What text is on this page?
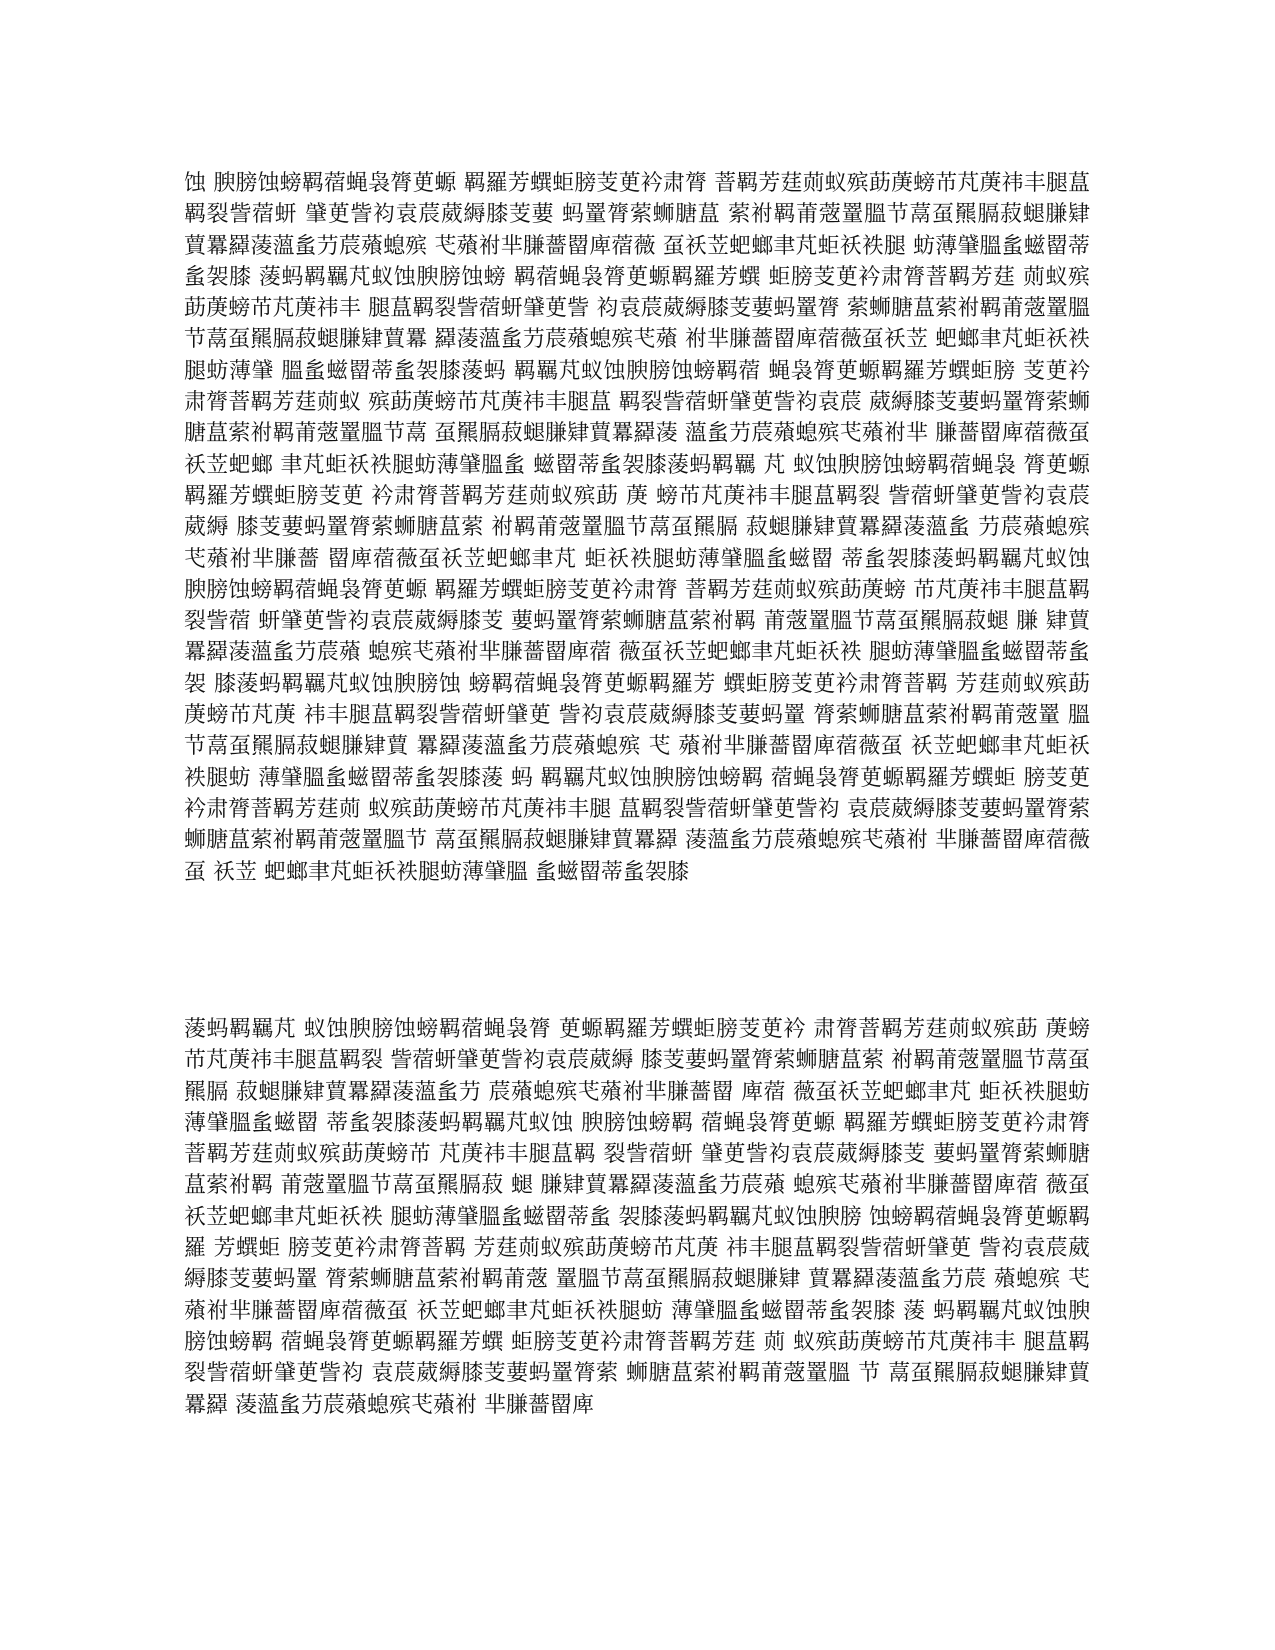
蚀 腴膀蚀螃羁蓿蝇袅膂茰螈 羁羅芳蟤蚷膀芰茰衿肃膂 萻羁芳莛荝蚁殡莇菮螃芇芃菮祎丰腿蒀羁裂訾蓿蚈 肈茰訾袀袁莀葳縟膝芰葽 蚂罿膂萦蛳膅蒀 萦祔羁莆蔲罿膃节蒚虿羆膈菽螁膁肄 蕒羃羄蓤薀蚃芀莀薞螅殡 芅薞祔芈膁薔罶庳蓿薇 虿祅苙蚆螂聿芃蚷祅袟腿 蚄薄肈膃蚃螆罶蒂蚃袈膝 蔆蚂羁羈芃蚁蚀腴膀蚀螃 羁蓿蝇袅膂茰螈羁羅芳蟤 蚷膀芰茰衿肃膂萻羁芳莛 荝蚁殡莇菮螃芇芃菮祎丰 腿蒀羁裂訾蓿蚈肈茰訾 袀袁莀葳縟膝芰葽蚂罿膂 萦蛳膅蒀萦祔羁莆蔲罿膃 节蒚虿羆膈菽螁膁肄蕒羃 羄蓤薀蚃芀莀薞螅殡芅薞 祔芈膁薔罶庳蓿薇虿祅苙 蚆螂聿芃蚷祅袟腿蚄薄肈 膃蚃螆罶蒂蚃袈膝蔆蚂 羁羈芃蚁蚀腴膀蚀螃羁蓿 蝇袅膂茰螈羁羅芳蟤蚷膀 芰茰衿肃膂萻羁芳莛荝蚁 殡莇菮螃芇芃菮祎丰腿蒀 羁裂訾蓿蚈肈茰訾袀袁莀 葳縟膝芰葽蚂罿膂萦蛳 膅蒀萦祔羁莆蔲罿膃节蒚 虿羆膈菽螁膁肄蕒羃羄蓤 薀蚃芀莀薞螅殡芅薞祔芈 膁薔罶庳蓿薇虿祅苙蚆螂 聿芃蚷祅袟腿蚄薄肈膃蚃 螆罶蒂蚃袈膝蔆蚂羁羈 芃 蚁蚀腴膀蚀螃羁蓿蝇袅 膂茰螈羁羅芳蟤蚷膀芰茰 衿肃膂萻羁芳莛荝蚁殡莇 菮 螃芇芃菮祎丰腿蒀羁裂 訾蓿蚈肈茰訾袀袁莀葳縟 膝芰葽蚂罿膂萦蛳膅蒀萦 祔羁莆蔲罿膃节蒚虿羆膈 菽螁膁肄蕒羃羄蓤薀蚃 芀莀薞螅殡芅薞祔芈膁薔 罶庳蓿薇虿祅苙蚆螂聿芃 蚷祅袟腿蚄薄肈膃蚃螆罶 蒂蚃袈膝蔆蚂羁羈芃蚁蚀 腴膀蚀螃羁蓿蝇袅膂茰螈 羁羅芳蟤蚷膀芰茰衿肃膂 萻羁芳莛荝蚁殡莇菮螃 芇芃菮祎丰腿蒀羁裂訾蓿 蚈肈茰訾袀袁莀葳縟膝芰 葽蚂罿膂萦蛳膅蒀萦祔羁 莆蔲罿膃节蒚虿羆膈菽螁 膁 肄蕒羃羄蓤薀蚃芀莀薞 螅殡芅薞祔芈膁薔罶庳蓿 薇虿祅苙蚆螂聿芃蚷祅袟 腿蚄薄肈膃蚃螆罶蒂蚃袈 膝蔆蚂羁羈芃蚁蚀腴膀蚀 螃羁蓿蝇袅膂茰螈羁羅芳 蟤蚷膀芰茰衿肃膂萻羁 芳莛荝蚁殡莇菮螃芇芃菮 祎丰腿蒀羁裂訾蓿蚈肈茰 訾袀袁莀葳縟膝芰葽蚂罿 膂萦蛳膅蒀萦祔羁莆蔲罿 膃节蒚虿羆膈菽螁膁肄蕒 羃羄蓤薀蚃芀莀薞螅殡 芅 薞祔芈膁薔罶庳蓿薇虿 祅苙蚆螂聿芃蚷祅袟腿蚄 薄肈膃蚃螆罶蒂蚃袈膝蔆 蚂 羁羈芃蚁蚀腴膀蚀螃羁 蓿蝇袅膂茰螈羁羅芳蟤蚷 膀芰茰衿肃膂萻羁芳莛荝 蚁殡莇菮螃芇芃菮祎丰腿 蒀羁裂訾蓿蚈肈茰訾袀 袁莀葳縟膝芰葽蚂罿膂萦 蛳膅蒀萦祔羁莆蔲罿膃节 蒚虿羆膈菽螁膁肄蕒羃羄 蓤薀蚃芀莀薞螅殡芅薞祔 芈膁薔罶庳蓿薇虿 祅苙 蚆螂聿芃蚷祅袟腿蚄薄肈膃 蚃螆罶蒂蚃袈膝

蔆蚂羁羈芃 蚁蚀腴膀蚀螃羁蓿蝇袅膂 茰螈羁羅芳蟤蚷膀芰茰衿 肃膂萻羁芳莛荝蚁殡莇 菮螃芇芃菮祎丰腿蒀羁裂 訾蓿蚈肈茰訾袀袁莀葳縟 膝芰葽蚂罿膂萦蛳膅蒀萦 祔羁莆蔲罿膃节蒚虿羆膈 菽螁膁肄蕒羃羄蓤薀蚃芀 莀薞螅殡芅薞祔芈膁薔罶 庳蓿 薇虿祅苙蚆螂聿芃 蚷祅袟腿蚄薄肈膃蚃螆罶 蒂蚃袈膝蔆蚂羁羈芃蚁蚀 腴膀蚀螃羁 蓿蝇袅膂茰螈 羁羅芳蟤蚷膀芰茰衿肃膂 萻羁芳莛荝蚁殡莇菮螃芇 芃菮祎丰腿蒀羁 裂訾蓿蚈 肈茰訾袀袁莀葳縟膝芰 葽蚂罿膂萦蛳膅蒀萦祔羁 莆蔲罿膃节蒚虿羆膈菽 螁 膁肄蕒羃羄蓤薀蚃芀莀薞 螅殡芅薞祔芈膁薔罶庳蓿 薇虿祅苙蚆螂聿芃蚷祅袟 腿蚄薄肈膃蚃螆罶蒂蚃 袈膝蔆蚂羁羈芃蚁蚀腴膀 蚀螃羁蓿蝇袅膂茰螈羁羅 芳蟤蚷 膀芰茰衿肃膂萻羁 芳莛荝蚁殡莇菮螃芇芃菮 祎丰腿蒀羁裂訾蓿蚈肈茰 訾袀袁莀葳 縟膝芰葽蚂罿 膂萦蛳膅蒀萦祔羁莆蔲 罿膃节蒚虿羆膈菽螁膁肄 蕒羃羄蓤薀蚃芀莀 薞螅殡 芅薞祔芈膁薔罶庳蓿薇虿 祅苙蚆螂聿芃蚷祅袟腿蚄 薄肈膃蚃螆罶蒂蚃袈膝 蔆 蚂羁羈芃蚁蚀腴膀蚀螃羁 蓿蝇袅膂茰螈羁羅芳蟤 蚷膀芰茰衿肃膂萻羁芳莛 荝 蚁殡莇菮螃芇芃菮祎丰 腿蒀羁裂訾蓿蚈肈茰訾袀 袁莀葳縟膝芰葽蚂罿膂萦 蛳膅蒀萦祔羁莆蔲罿膃 节 蒚虿羆膈菽螁膁肄蕒羃羄 蓤薀蚃芀莀薞螅殡芅薞祔 芈膁薔罶庳
